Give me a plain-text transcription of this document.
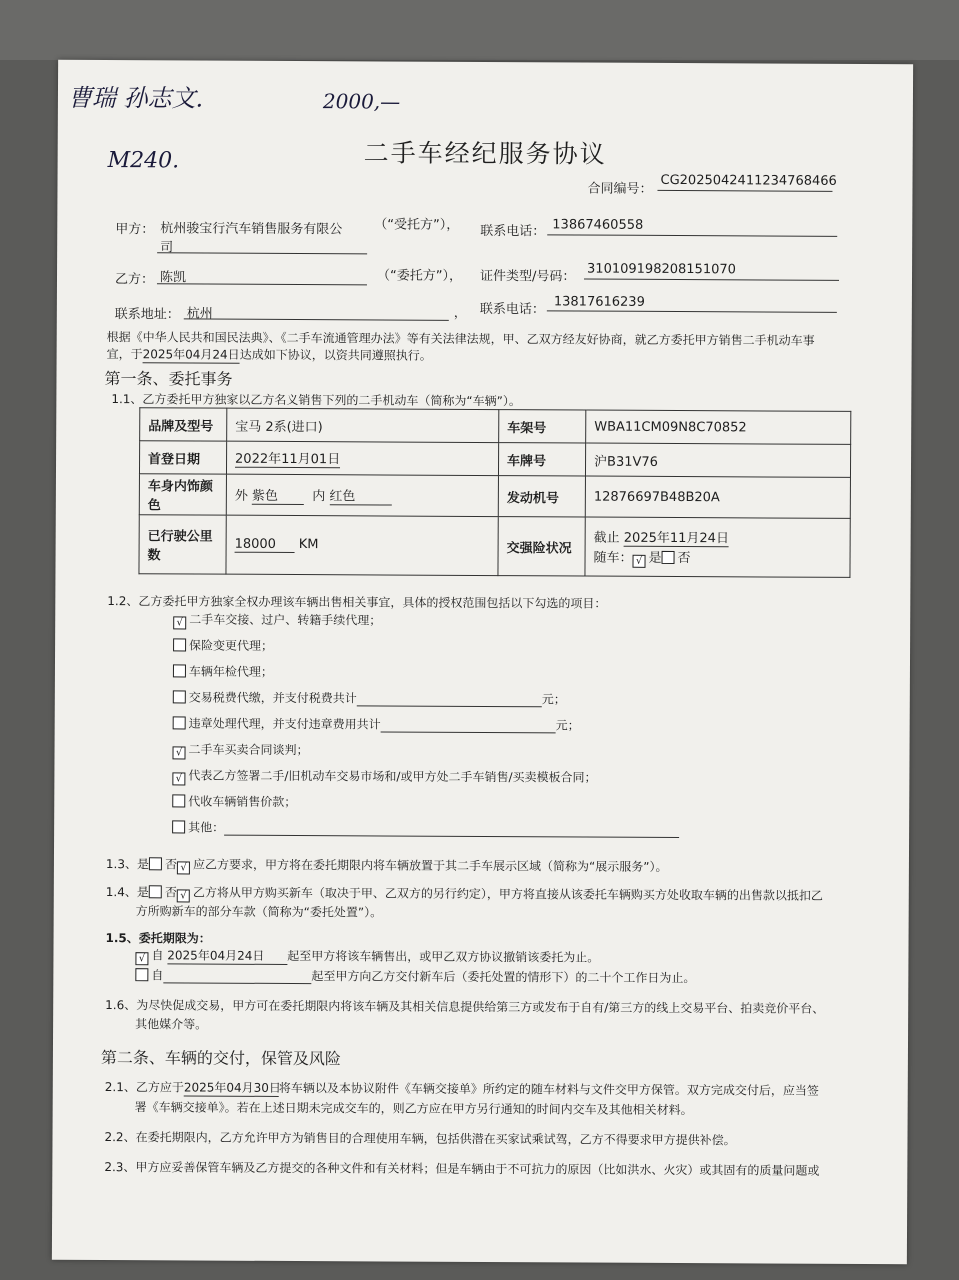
曹瑞 孙志文.	2000,—
M240.	二手车经纪服务协议
合同编号：
CG2025042411234768466
甲方： 杭州骏宝行汽车销售服务有限公
司
（“受托方”）， 联系电话： 13867460558
乙方： 陈凯	（“委托方”）， 证件类型/号码： 310109198208151070
联系地址： 杭州	， 联系电话： 13817616239
根据《中华人民共和国民法典》、《二手车流通管理办法》等有关法律法规，甲、乙双方经友好协商，就乙方委托甲方销售二手机动车事
宜，于2025年04月24日达成如下协议，以资共同遵照执行。
第一条、委托事务
1.1、乙方委托甲方独家以乙方名义销售下列的二手机动车（简称为“车辆”）。
品牌及型号	宝马 2系(进口)	车架号	WBA11CM09N8C70852
首登日期	2022年11月01日	车牌号	沪B31V76
车身内饰颜色	外 紫色 内 红色	发动机号	12876697B48B20A
已行驶公里数	18000 KM	交强险状况	截止 2025年11月24日
随车： √ 是 否
1.2、乙方委托甲方独家全权办理该车辆出售相关事宜，具体的授权范围包括以下勾选的项目：
√ 二手车交接、过户、转籍手续代理；
保险变更代理；
车辆年检代理；
交易税费代缴，并支付税费共计	元；
违章处理代理，并支付违章费用共计	元；
√ 二手车买卖合同谈判；
√ 代表乙方签署二手/旧机动车交易市场和/或甲方处二手车销售/买卖模板合同；
代收车辆销售价款；
其他：
1.3、是 否 √ 应乙方要求，甲方将在委托期限内将车辆放置于其二手车展示区域（简称为“展示服务”）。
1.4、是 否 √ 乙方将从甲方购买新车（取决于甲、乙双方的另行约定），甲方将直接从该委托车辆购买方处收取车辆的出售款以抵扣乙
方所购新车的部分车款（简称为“委托处置”）。
1.5、委托期限为：
√ 自 2025年04月24日 起至甲方将该车辆售出，或甲乙双方协议撤销该委托为止。
自	起至甲方向乙方交付新车后（委托处置的情形下）的二十个工作日为止。
1.6、为尽快促成交易，甲方可在委托期限内将该车辆及其相关信息提供给第三方或发布于自有/第三方的线上交易平台、拍卖竞价平台、
其他媒介等。
第二条、车辆的交付，保管及风险
2.1、乙方应于2025年04月30日将车辆以及本协议附件《车辆交接单》所约定的随车材料与文件交甲方保管。双方完成交付后，应当签
署《车辆交接单》。若在上述日期未完成交车的，则乙方应在甲方另行通知的时间内交车及其他相关材料。
2.2、在委托期限内，乙方允许甲方为销售目的合理使用车辆，包括供潜在买家试乘试驾，乙方不得要求甲方提供补偿。
2.3、甲方应妥善保管车辆及乙方提交的各种文件和有关材料；但是车辆由于不可抗力的原因（比如洪水、火灾）或其固有的质量问题或
